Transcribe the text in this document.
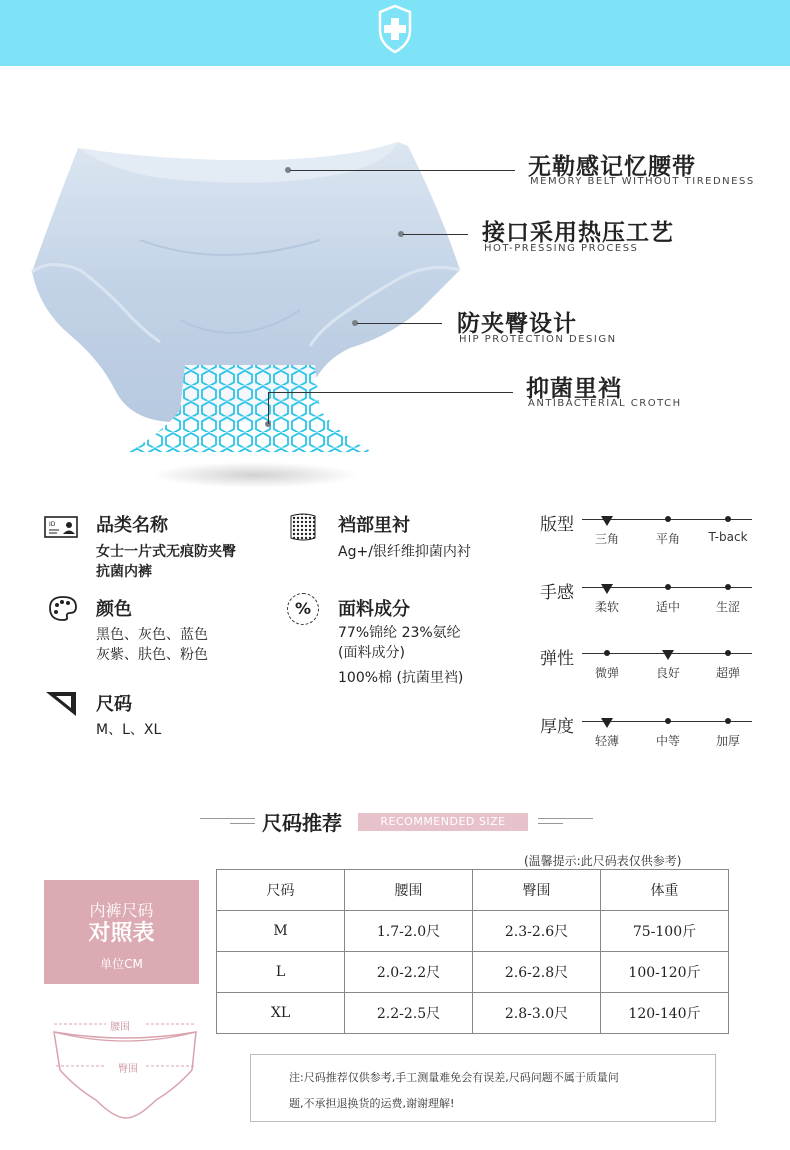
无勒感记忆腰带
MEMORY BELT WITHOUT TIREDNESS
接口采用热压工艺
HOT-PRESSING PROCESS
防夹臀设计
HIP PROTECTION DESIGN
抑菌里裆
ANTIBACTERIAL CROTCH
ID 品类名称
女士一片式无痕防夹臀
抗菌内裤
裆部里衬
Ag+/银纤维抑菌内衬
颜色
黑色、灰色、蓝色
灰紫、肤色、粉色
%	面料成分
77%锦纶 23%氨纶
(面料成分)
100%棉 (抗菌里裆)
尺码
M、L、XL
版型
三角	平角	T-back
手感
柔软	适中	生涩
弹性
微弹	良好	超弹
厚度
轻薄	中等	加厚
尺码推荐	RECOMMENDED SIZE
(温馨提示:此尺码表仅供参考)
内裤尺码
对照表
单位CM
腰围
臀围
尺码	腰围	臀围	体重
M	1.7-2.0尺	2.3-2.6尺	75-100斤
L	2.0-2.2尺	2.6-2.8尺	100-120斤
XL	2.2-2.5尺	2.8-3.0尺	120-140斤

注:尺码推荐仅供参考,手工测量难免会有误差,尺码问题不属于质量问

题,不承担退换货的运费,谢谢理解!
